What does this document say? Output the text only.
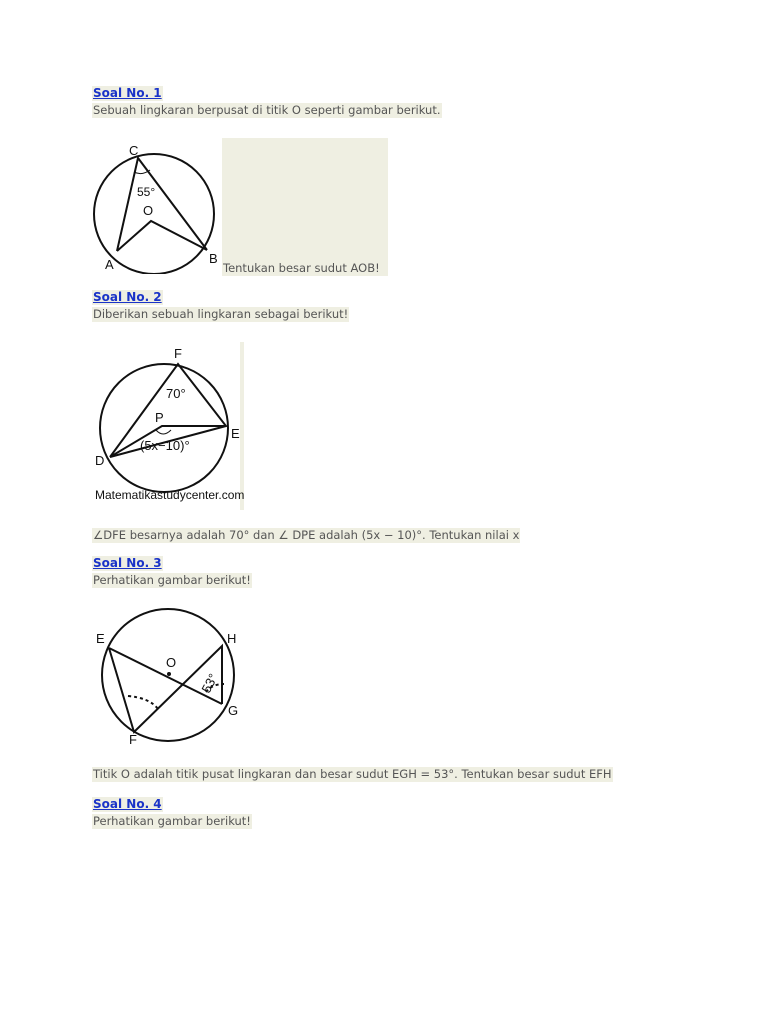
Soal No. 1
Sebuah lingkaran berpusat di titik O seperti gambar berikut.
C
55°
O
A	B
Tentukan besar sudut AOB!
Soal No. 2
Diberikan sebuah lingkaran sebagai berikut!
F
70°
P
(5x−10)°
E
D
Matematikastudycenter.com
∠DFE besarnya adalah 70° dan ∠ DPE adalah (5x − 10)°. Tentukan nilai x
Soal No. 3
Perhatikan gambar berikut!
E	H
O
G
F
53°
Titik O adalah titik pusat lingkaran dan besar sudut EGH = 53°. Tentukan besar sudut EFH
Soal No. 4
Perhatikan gambar berikut!
